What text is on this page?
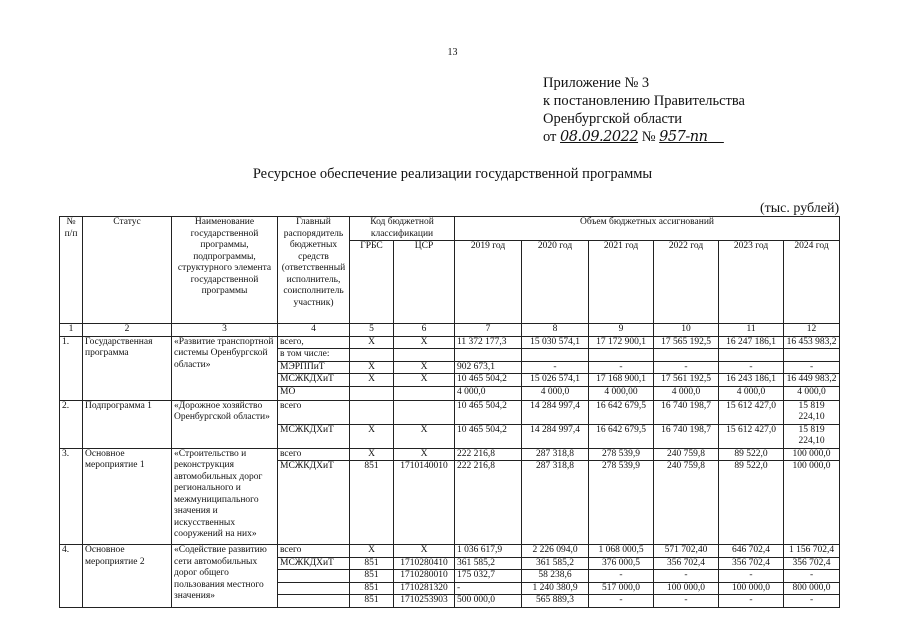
13
Приложение № 3
к постановлению Правительства
Оренбургской области
от 08.09.2022 № 957-пп
Ресурсное обеспечение реализации государственной программы
(тыс. рублей)
№ п/п	Статус	Наименование государственной программы, подпрограммы, структурного элемента государственной программы	Главный распорядитель бюджетных средств (ответственный исполнитель, соисполнитель участник)	Код бюджетной классификации		Объем бюджетных ассигнований					
				ГРБС	ЦСР	2019 год	2020 год	2021 год	2022 год	2023 год	2024 год
1	2	3	4	5	6	7	8	9	10	11	12
1.	Государственная программа	«Развитие транспортной системы Оренбургской области»	всего,	X	X	11 372 177,3	15 030 574,1	17 172 900,1	17 565 192,5	16 247 186,1	16 453 983,2
			в том числе:								
			МЭРППиТ	X	X	902 673,1	-	-	-	-	-
			МСЖКДХиТ	X	X	10 465 504,2	15 026 574,1	17 168 900,1	17 561 192,5	16 243 186,1	16 449 983,2
			МО			4 000,0	4 000,0	4 000,00	4 000,0	4 000,0	4 000,0
2.	Подпрограмма 1	«Дорожное хозяйство Оренбургской области»	всего			10 465 504,2	14 284 997,4	16 642 679,5	16 740 198,7	15 612 427,0	15 819 224,10
			МСЖКДХиТ	X	X	10 465 504,2	14 284 997,4	16 642 679,5	16 740 198,7	15 612 427,0	15 819 224,10
3.	Основное мероприятие 1	«Строительство и реконструкция автомобильных дорог регионального и межмуниципального значения и искусственных сооружений на них»	всего	X	X	222 216,8	287 318,8	278 539,9	240 759,8	89 522,0	100 000,0
			МСЖКДХиТ	851	1710140010	222 216,8	287 318,8	278 539,9	240 759,8	89 522,0	100 000,0
4.	Основное мероприятие 2	«Содействие развитию сети автомобильных дорог общего пользования местного значения»	всего	X	X	1 036 617,9	2 226 094,0	1 068 000,5	571 702,40	646 702,4	1 156 702,4
			МСЖКДХиТ	851	1710280410	361 585,2	361 585,2	376 000,5	356 702,4	356 702,4	356 702,4
				851	1710280010	175 032,7	58 238,6	-	-	-	-
				851	1710281320	-	1 240 380,9	517 000,0	100 000,0	100 000,0	800 000,0
				851	1710253903	500 000,0	565 889,3	-	-	-	-
